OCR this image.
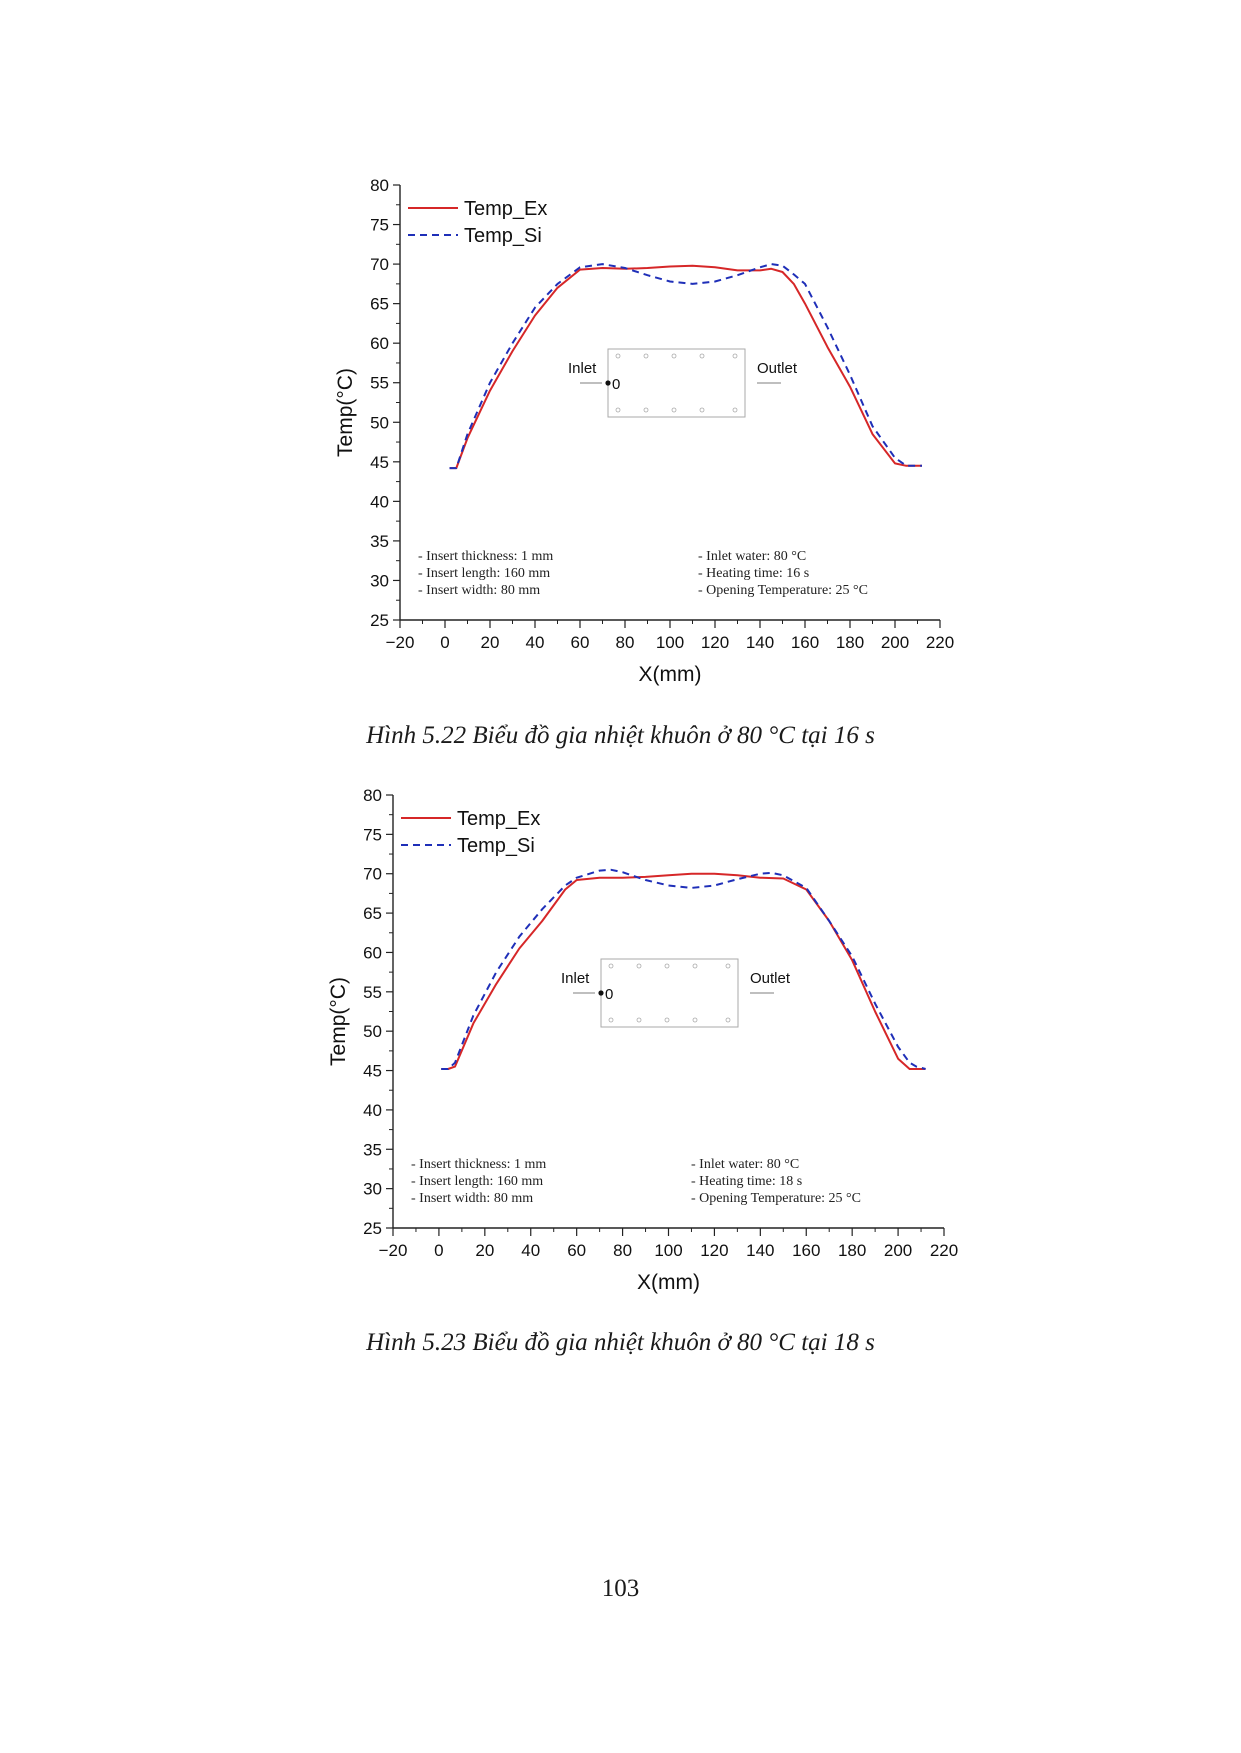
25
30
35
40
45
50
55
60
65
70
75
80
−20 0 20 40 60 80 100 120 140 160 180 200 220
X(mm)
Temp(°C)
Temp_Ex
Temp_Si
0
Inlet	Outlet
- Insert thickness: 1 mm
- Insert length: 160 mm
- Insert width: 80 mm
- Inlet water: 80 °C
- Heating time: 16 s
- Opening Temperature: 25 °C
Hình 5.22 Biểu đồ gia nhiệt khuôn ở 80 °C tại 16 s
25
30
35
40
45
50
55
60
65
70
75
80
−20 0 20 40 60 80 100 120 140 160 180 200 220
X(mm)
Temp(°C)
Temp_Ex
Temp_Si
0
Inlet	Outlet
- Insert thickness: 1 mm
- Insert length: 160 mm
- Insert width: 80 mm
- Inlet water: 80 °C
- Heating time: 18 s
- Opening Temperature: 25 °C
Hình 5.23 Biểu đồ gia nhiệt khuôn ở 80 °C tại 18 s
103
